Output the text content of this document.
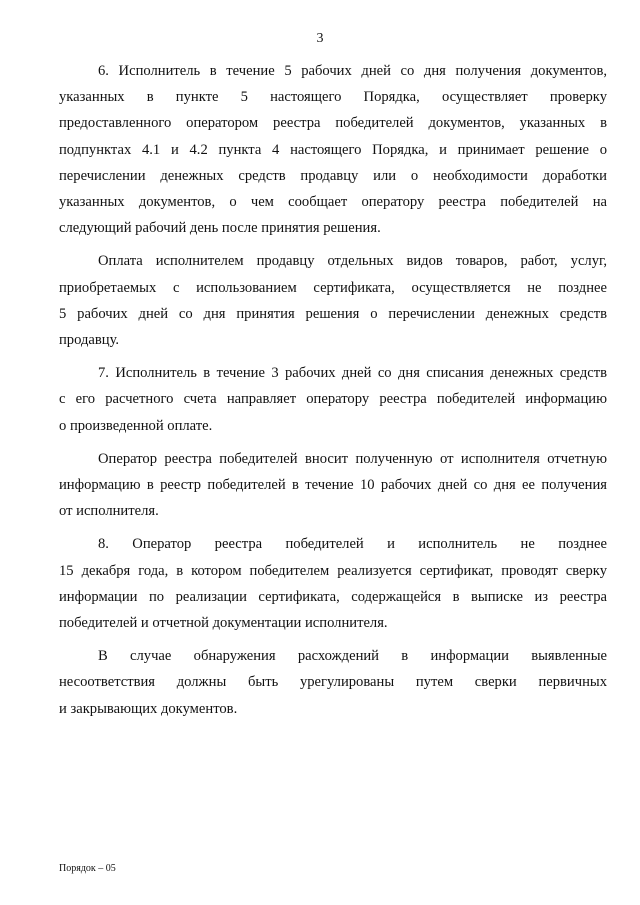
3

6. Исполнитель в течение 5 рабочих дней со дня получения документов,
указанных в пункте 5 настоящего Порядка, осуществляет проверку
предоставленного оператором реестра победителей документов, указанных в
подпунктах 4.1 и 4.2 пункта 4 настоящего Порядка, и принимает решение о
перечислении денежных средств продавцу или о необходимости доработки
указанных документов, о чем сообщает оператору реестра победителей на
следующий рабочий день после принятия решения.

Оплата исполнителем продавцу отдельных видов товаров, работ, услуг,
приобретаемых с использованием сертификата, осуществляется не позднее
5 рабочих дней со дня принятия решения о перечислении денежных средств
продавцу.

7. Исполнитель в течение 3 рабочих дней со дня списания денежных средств
с его расчетного счета направляет оператору реестра победителей информацию
о произведенной оплате.

Оператор реестра победителей вносит полученную от исполнителя отчетную
информацию в реестр победителей в течение 10 рабочих дней со дня ее получения
от исполнителя.

8. Оператор реестра победителей и исполнитель не позднее
15 декабря года, в котором победителем реализуется сертификат, проводят сверку
информации по реализации сертификата, содержащейся в выписке из реестра
победителей и отчетной документации исполнителя.

В случае обнаружения расхождений в информации выявленные
несоответствия должны быть урегулированы путем сверки первичных
и закрывающих документов.

Порядок – 05
